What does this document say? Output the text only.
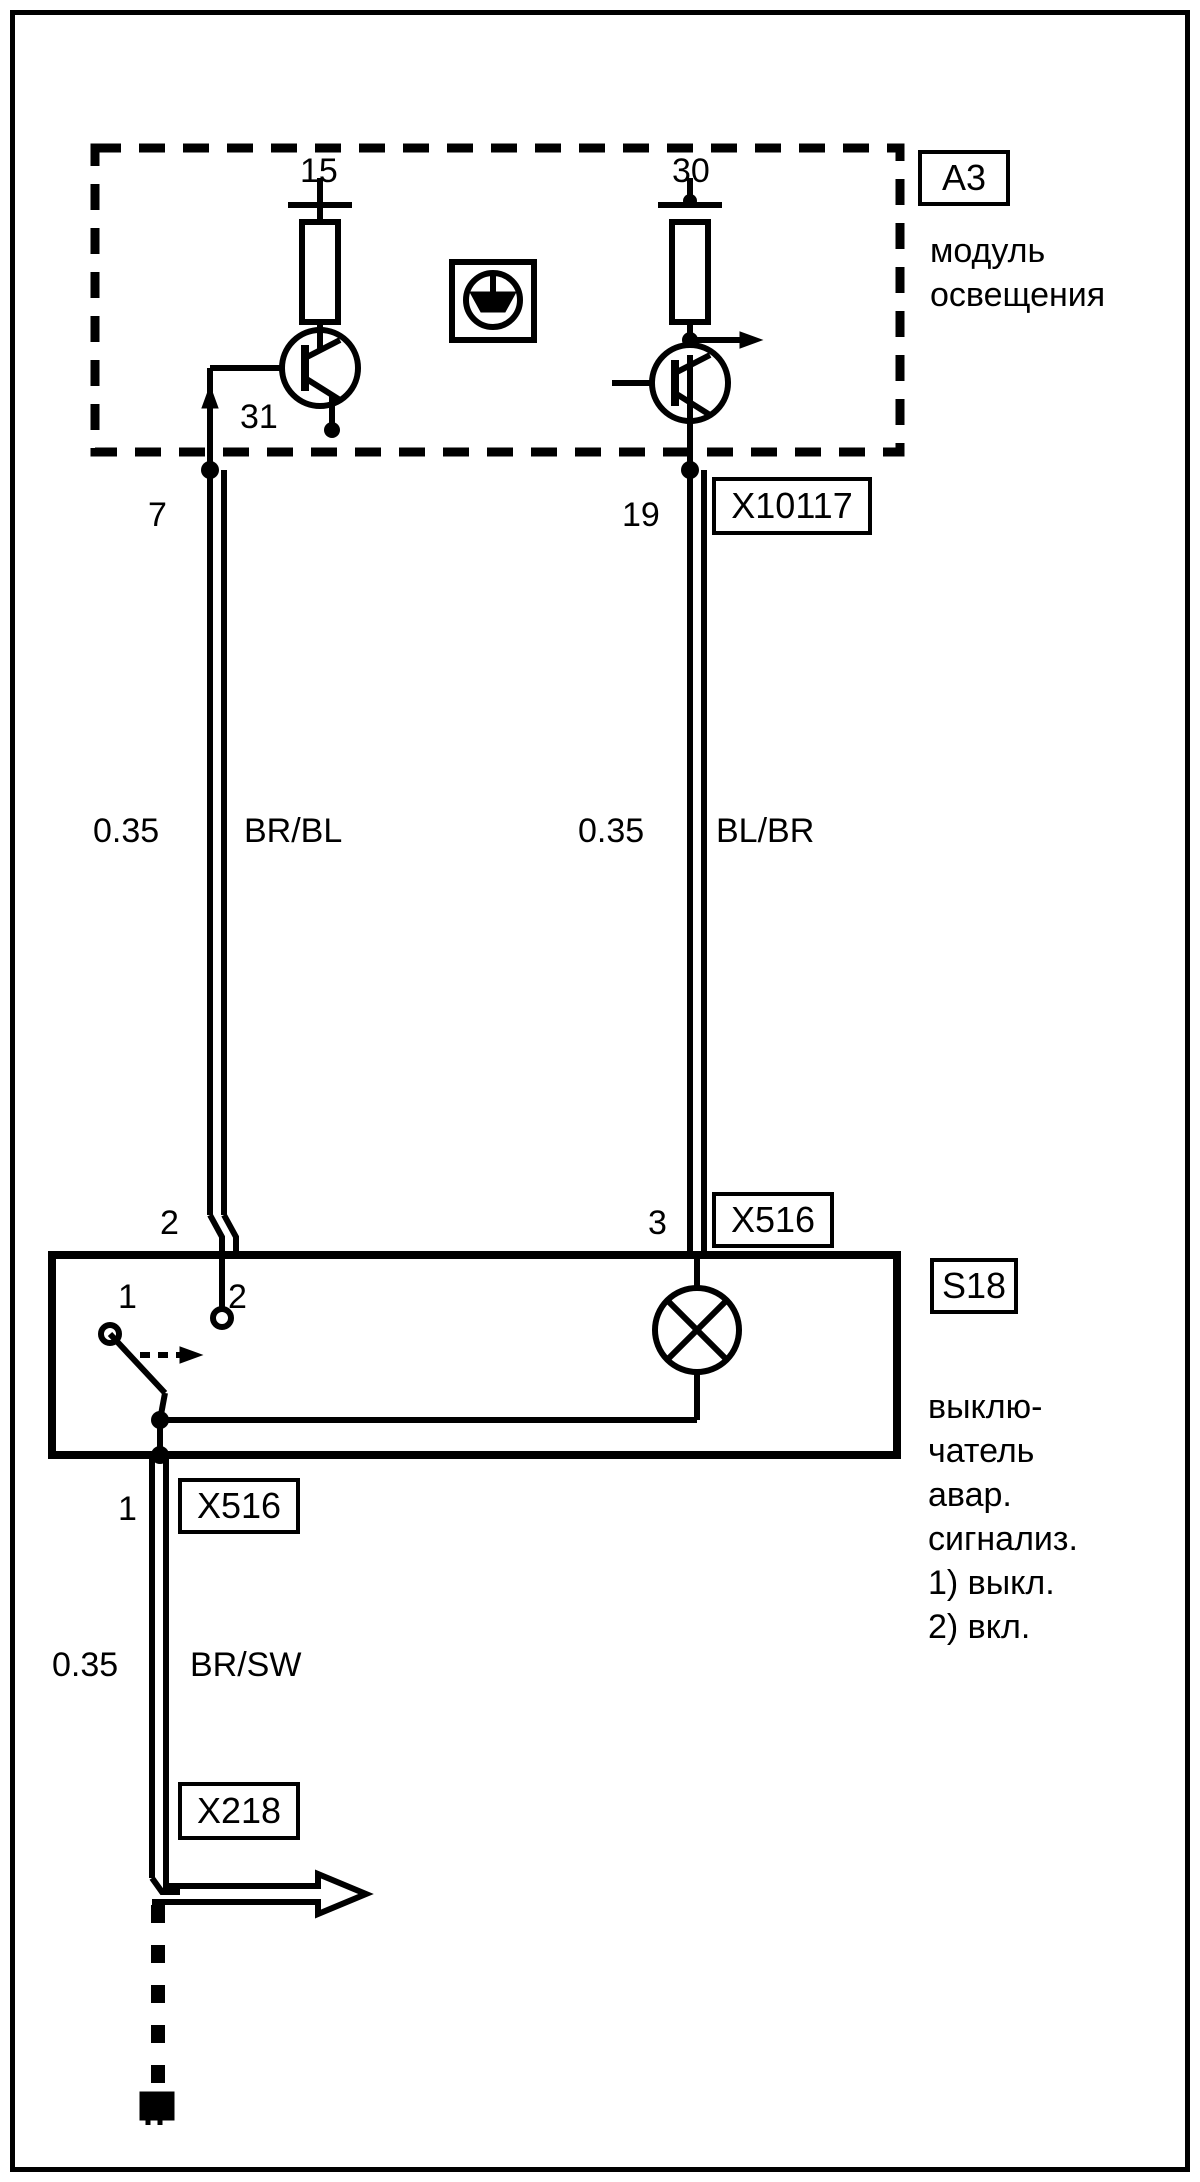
A3
модуль
освещения
15	30
31
X10117
7	19
0.35 BR/BL	0.35 BL/BR
X516
2	3
S18
выклю-
чатель
авар.
сигнализ.
1) выкл.
2) вкл.
1	2
X516
1
0.35 BR/SW
X218
